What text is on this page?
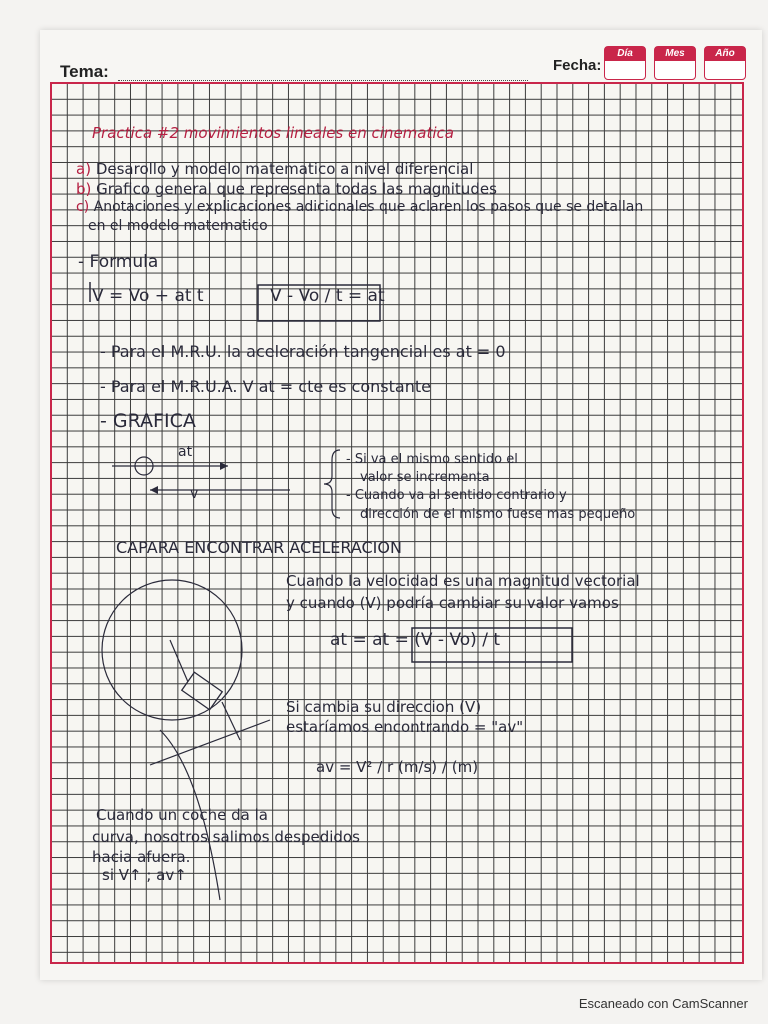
Tema:	Fecha:
Día	Mes	Año
Practica #2 movimientos lineales en cinematica
a) Desarollo y modelo matematico a nivel diferencial
b) Grafico general que representa todas las magnitudes
c) Anotaciones y explicaciones adicionales que aclaren los pasos que se detallan
en el modelo matematico
- Formula
V = Vo + at t	V - Vo / t = at
- Para el M.R.U. la aceleración tangencial es at = 0
- Para el M.R.U.A. V at = cte es constante
- GRAFICA
at
v
- Si va el mismo sentido el
valor se incrementa
- Cuando va al sentido contrario y
dirección de el mismo fuese mas pequeño
CAPARA ENCONTRAR ACELERACION
Cuando la velocidad es una magnitud vectorial
y cuando (V) podría cambiar su valor vamos
at = at = (V - Vo) / t
Si cambia su direccion (V)
estaríamos encontrando = "av"
av = V² / r (m/s) / (m)
Cuando un coche da la
curva, nosotros salimos despedidos
hacia afuera.
si V↑ ; av↑
Escaneado con CamScanner
